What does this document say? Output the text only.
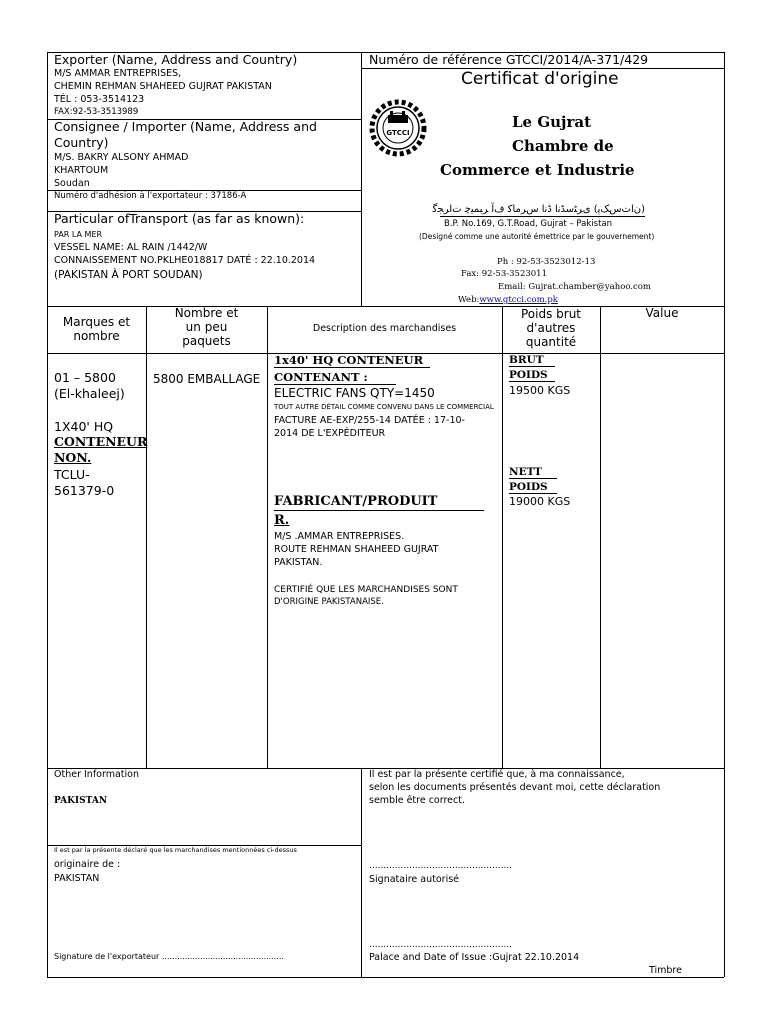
Exporter (Name, Address and Country)
M/S AMMAR ENTREPRISES,
CHEMIN REHMAN SHAHEED GUJRAT PAKISTAN
TÉL : 053-3514123
FAX:92-53-3513989
Consignee / Importer (Name, Address and
Country)
M/S. BAKRY ALSONY AHMAD
KHARTOUM
Soudan
Numéro d'adhésion à l'exportateur : 37186-A
Particular ofTransport (as far as known):
PAR LA MER
VESSEL NAME: AL RAIN /1442/W
CONNAISSEMENT NO.PKLHE018817 DATÉ : 22.10.2014
(PAKISTAN À PORT SOUDAN)
Numéro de référence GTCCI/2014/A-371/429
Certificat d'origine
GTCCI
Le Gujrat
Chambre de
Commerce et Industrie
(ﻥﺍﺕﺱﮏﭘ) ﯼﺮﭩﺳﮉﻧﺍ ﮈﻧﺍ ﺱﺮﻣﺎﮐ ﻑﺁ ﺮﺒﻤﯿﭼ ﺕﺍﺮﺠﮔ
B.P. No.169, G.T.Road, Gujrat – Pakistan
(Designé comme une autorité émettrice par le gouvernement)
Ph : 92-53-3523012-13
Fax: 92-53-3523011
Email: Gujrat.chamber@yahoo.com
Web:www.gtcci.com.pk
Marques et
nombre
Nombre et
un peu
paquets
Description des marchandises
Poids brut
d'autres
quantité
Value
01 – 5800
(El-khaleej)
1X40' HQ
CONTENEUR
NON.
TCLU-
561379-0
5800 EMBALLAGE
1x40' HQ CONTENEUR
CONTENANT :
ELECTRIC FANS QTY=1450
TOUT AUTRE DÉTAIL COMME CONVENU DANS LE COMMERCIAL
FACTURE AE-EXP/255-14 DATÉE : 17-10-
2014 DE L'EXPÉDITEUR
FABRICANT/PRODUIT
R.
M/S .AMMAR ENTREPRISES.
ROUTE REHMAN SHAHEED GUJRAT
PAKISTAN.
CERTIFIÉ QUE LES MARCHANDISES SONT
D'ORIGINE PAKISTANAISE.
BRUT
POIDS
19500 KGS
NETT
POIDS
19000 KGS
Other Information
PAKISTAN
Il est par la présente déclaré que les marchandises mentionnées ci-dessus
originaire de :
PAKISTAN
Signature de l'exportateur ................................................
Il est par la présente certifié que, à ma connaissance,
selon les documents présentés devant moi, cette déclaration
semble être correct.
..................................................
Signataire autorisé
..................................................
Palace and Date of Issue :Gujrat 22.10.2014
Timbre
